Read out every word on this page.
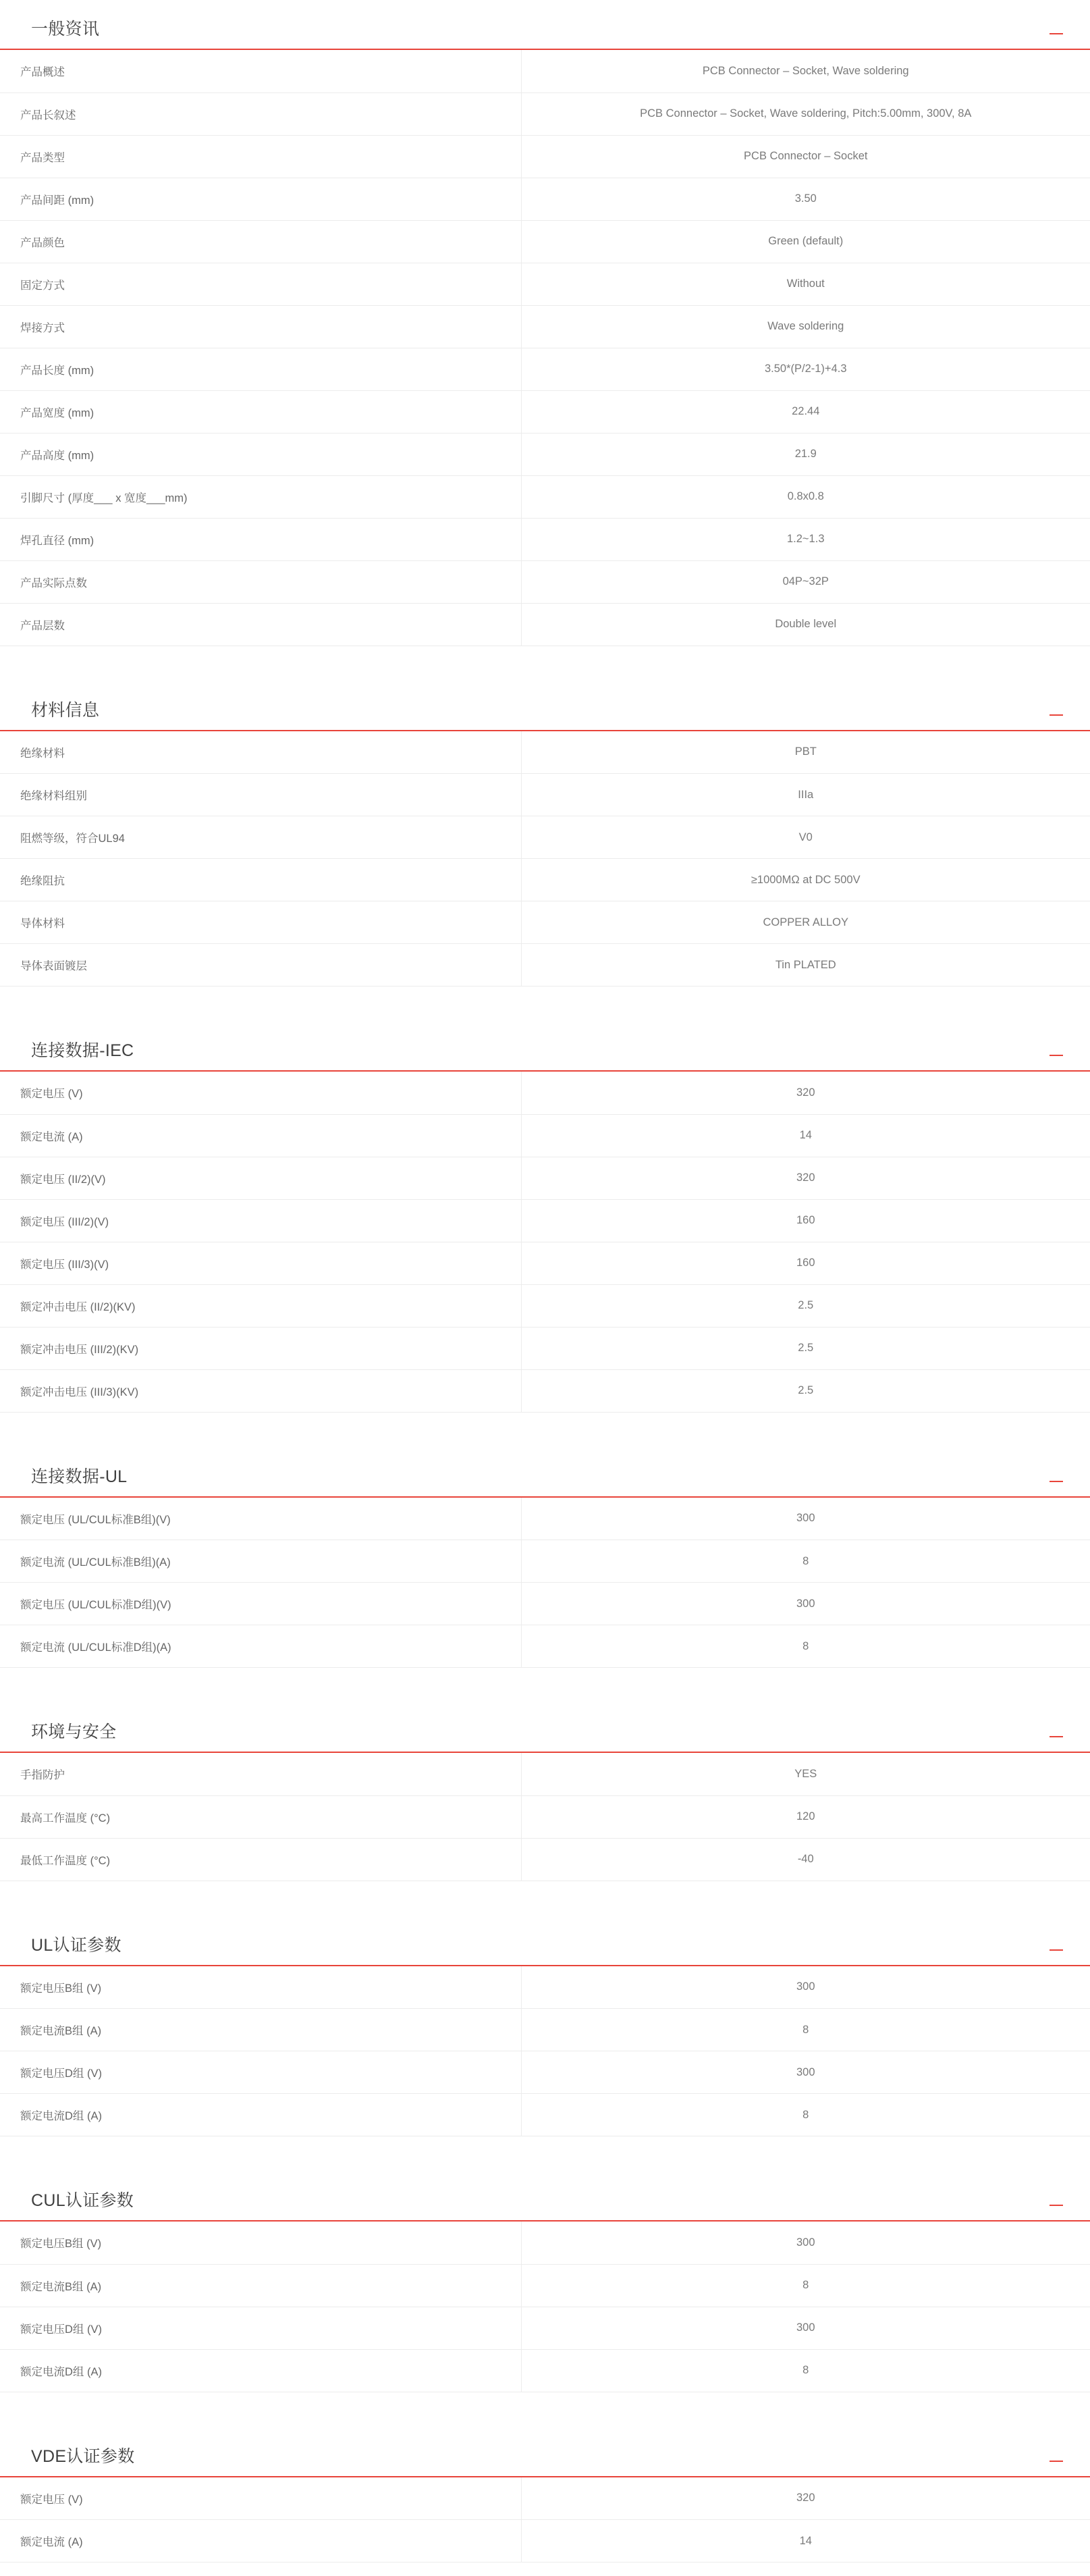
一般资讯
产品概述	PCB Connector – Socket, Wave soldering
产品长叙述	PCB Connector – Socket, Wave soldering, Pitch:5.00mm, 300V, 8A
产品类型	PCB Connector – Socket
产品间距 (mm)	3.50
产品颜色	Green (default)
固定方式	Without
焊接方式	Wave soldering
产品长度 (mm)	3.50*(P/2-1)+4.3
产品宽度 (mm)	22.44
产品高度 (mm)	21.9
引脚尺寸 (厚度___ x 宽度___mm)	0.8x0.8
焊孔直径 (mm)	1.2~1.3
产品实际点数	04P~32P
产品层数	Double level
材料信息
绝缘材料	PBT
绝缘材料组别	IIIa
阻燃等级，符合UL94	V0
绝缘阻抗	≥1000MΩ at DC 500V
导体材料	COPPER ALLOY
导体表面镀层	Tin PLATED
连接数据-IEC
额定电压 (V)	320
额定电流 (A)	14
额定电压 (II/2)(V)	320
额定电压 (III/2)(V)	160
额定电压 (III/3)(V)	160
额定冲击电压 (II/2)(KV)	2.5
额定冲击电压 (III/2)(KV)	2.5
额定冲击电压 (III/3)(KV)	2.5
连接数据-UL
额定电压 (UL/CUL标准B组)(V)	300
额定电流 (UL/CUL标准B组)(A)	8
额定电压 (UL/CUL标准D组)(V)	300
额定电流 (UL/CUL标准D组)(A)	8
环境与安全
手指防护	YES
最高工作温度 (°C)	120
最低工作温度 (°C)	-40
UL认证参数
额定电压B组 (V)	300
额定电流B组 (A)	8
额定电压D组 (V)	300
额定电流D组 (A)	8
CUL认证参数
额定电压B组 (V)	300
额定电流B组 (A)	8
额定电压D组 (V)	300
额定电流D组 (A)	8
VDE认证参数
额定电压 (V)	320
额定电流 (A)	14
